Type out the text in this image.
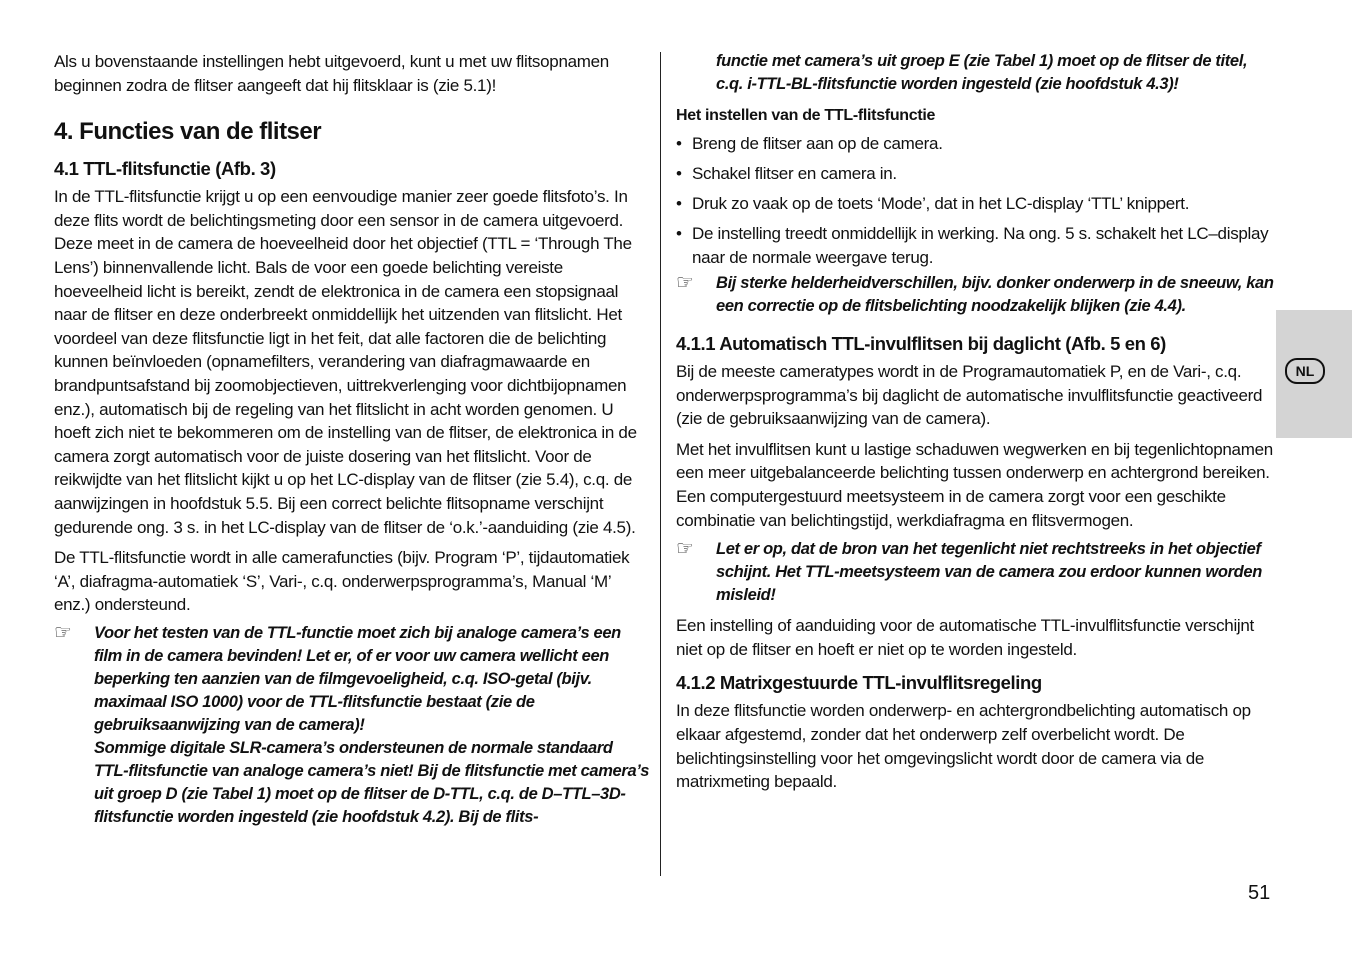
Als u bovenstaande instellingen hebt uitgevoerd, kunt u met uw flitsopnamen beginnen zodra de flitser aangeeft dat hij flitsklaar is (zie 5.1)!

4. Functies van de flitser
4.1 TTL-flitsfunctie (Afb. 3)

In de TTL-flitsfunctie krijgt u op een eenvoudige manier zeer goede flitsfoto’s. In deze flits wordt de belichtingsmeting door een sensor in de camera uitgevoerd. Deze meet in de camera de hoeveelheid door het objectief (TTL = ‘Through The Lens’) binnenvallende licht. Bals de voor een goede belichting vereiste hoeveelheid licht is bereikt, zendt de elektronica in de camera een stopsignaal naar de flitser en deze onderbreekt onmiddellijk het uitzenden van flitslicht. Het voordeel van deze flitsfunctie ligt in het feit, dat alle factoren die de belichting kunnen beïnvloeden (opnamefilters, verandering van diafragmawaarde en brandpuntsafstand bij zoomobjectieven, uittrekverlenging voor dichtbijopnamen enz.), automatisch bij de regeling van het flitslicht in acht worden genomen. U hoeft zich niet te bekommeren om de instelling van de flitser, de elektronica in de camera zorgt automatisch voor de juiste dosering van het flitslicht. Voor de reikwijdte van het flitslicht kijkt u op het LC-display van de flitser (zie 5.4), c.q. de aanwijzingen in hoofdstuk 5.5. Bij een correct belichte flitsopname verschijnt gedurende ong. 3 s. in het LC-display van de flitser de ‘o.k.’-aanduiding (zie 4.5).

De TTL-flitsfunctie wordt in alle camerafuncties (bijv. Program ‘P’, tijdautomatiek ‘A’, diafragma-automatiek ‘S’, Vari-, c.q. onderwerpsprogramma’s, Manual ‘M’ enz.) ondersteund.

☞	Voor het testen van de TTL-functie moet zich bij analoge camera’s een film in de camera bevinden! Let er, of er voor uw camera wellicht een beperking ten aanzien van de filmgevoeligheid, c.q. ISO-getal (bijv. maximaal ISO 1000) voor de TTL-flitsfunctie bestaat (zie de gebruiksaanwijzing van de camera)!
Sommige digitale SLR-camera’s ondersteunen de normale standaard TTL-flitsfunctie van analoge camera’s niet! Bij de flitsfunctie met camera’s uit groep D (zie Tabel 1) moet op de flitser de D-TTL, c.q. de D–TTL–3D-flitsfunctie worden ingesteld (zie hoofdstuk 4.2). Bij de flits-
functie met camera’s uit groep E (zie Tabel 1) moet op de flitser de titel, c.q. i-TTL-BL-flitsfunctie worden ingesteld (zie hoofdstuk 4.3)!
Het instellen van de TTL-flitsfunctie
• Breng de flitser aan op de camera.
• Schakel flitser en camera in.
• Druk zo vaak op de toets ‘Mode’, dat in het LC-display ‘TTL’ knippert.
• De instelling treedt onmiddellijk in werking. Na ong. 5 s. schakelt het LC–display naar de normale weergave terug.
☞	Bij sterke helderheidverschillen, bijv. donker onderwerp in de sneeuw, kan een correctie op de flitsbelichting noodzakelijk blijken (zie 4.4).
4.1.1 Automatisch TTL-invulflitsen bij daglicht (Afb. 5 en 6)

Bij de meeste cameratypes wordt in de Programautomatiek P, en de Vari-, c.q. onderwerpsprogramma’s bij daglicht de automatische invulflitsfunctie geactiveerd (zie de gebruiksaanwijzing van de camera).

Met het invulflitsen kunt u lastige schaduwen wegwerken en bij tegenlichtopnamen een meer uitgebalanceerde belichting tussen onderwerp en achtergrond bereiken. Een computergestuurd meetsysteem in de camera zorgt voor een geschikte combinatie van belichtingstijd, werkdiafragma en flitsvermogen.

☞	Let er op, dat de bron van het tegenlicht niet rechtstreeks in het objectief schijnt. Het TTL-meetsysteem van de camera zou erdoor kunnen worden misleid!

Een instelling of aanduiding voor de automatische TTL-invulflitsfunctie verschijnt niet op de flitser en hoeft er niet op te worden ingesteld.

4.1.2 Matrixgestuurde TTL-invulflitsregeling

In deze flitsfunctie worden onderwerp- en achtergrondbelichting automatisch op elkaar afgestemd, zonder dat het onderwerp zelf overbelicht wordt. De belichtingsinstelling voor het omgevingslicht wordt door de camera via de matrixmeting bepaald.

NL
51
